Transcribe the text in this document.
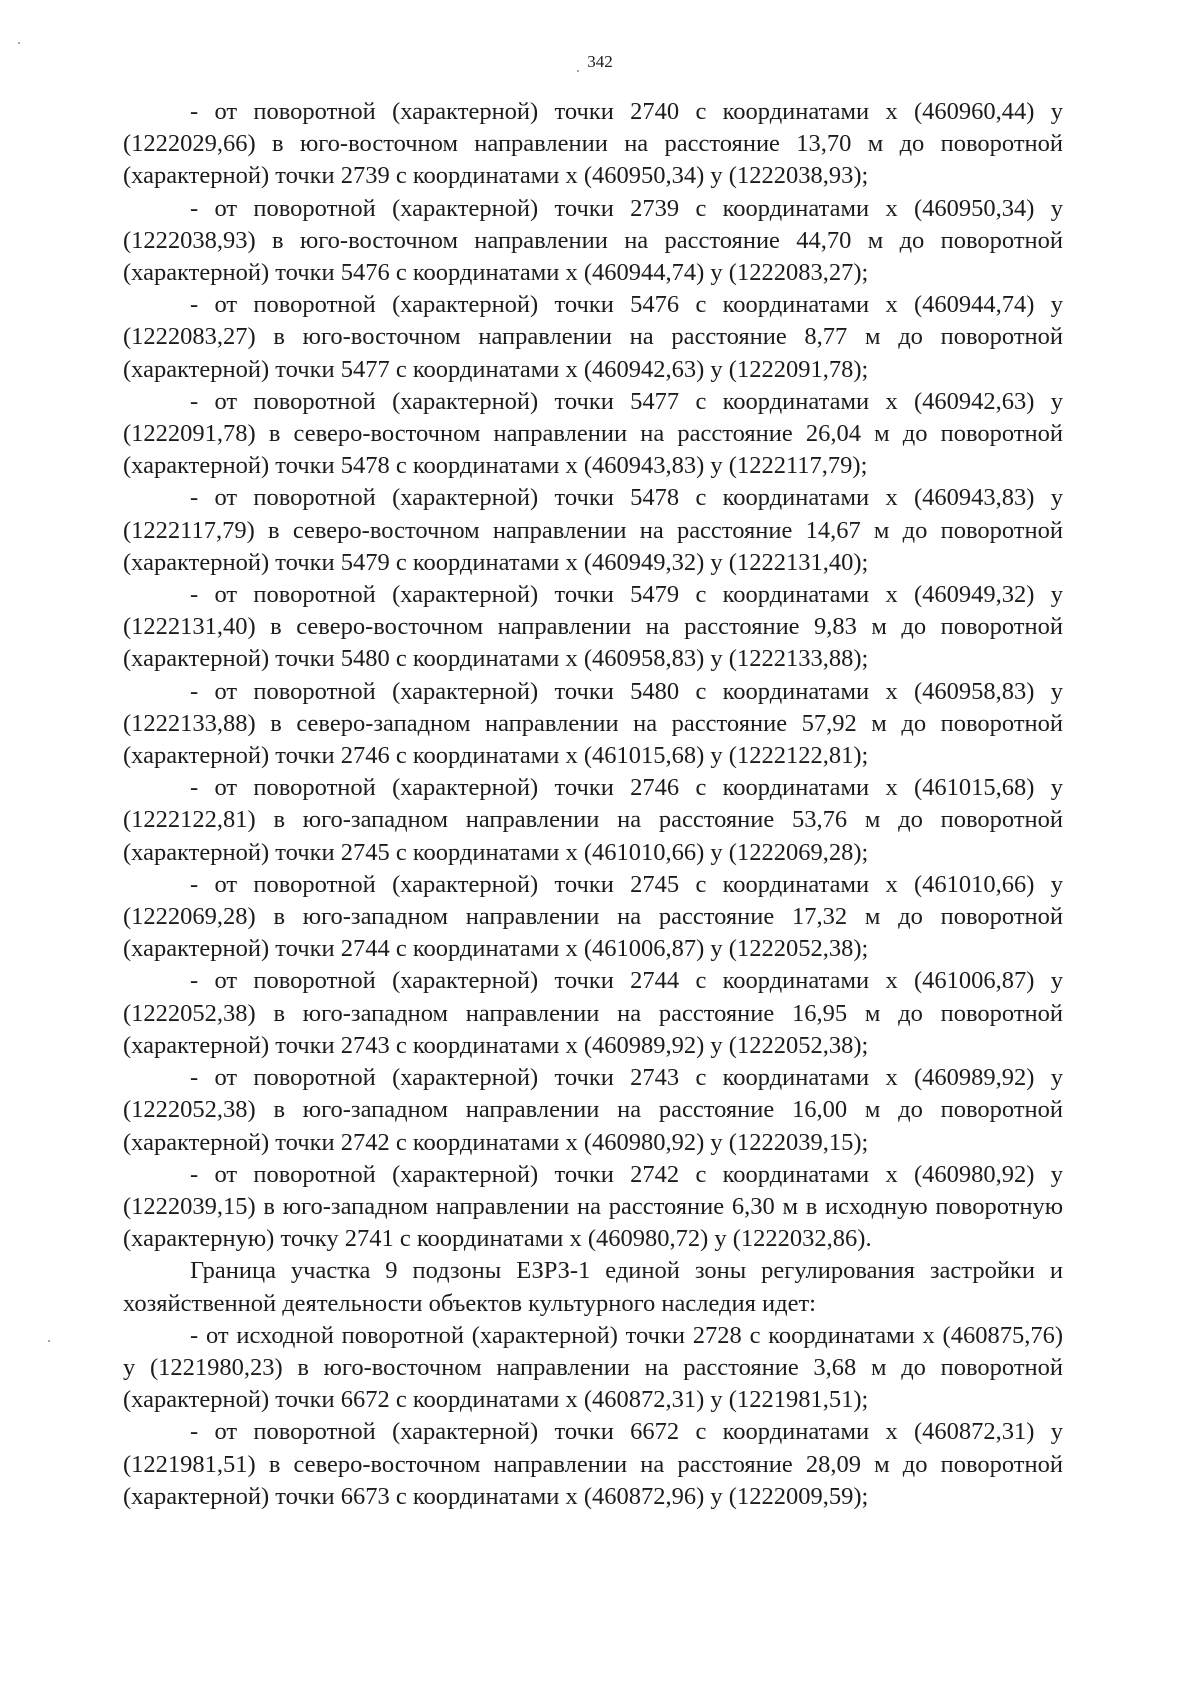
342

- от поворотной (характерной) точки 2740 с координатами х (460960,44) у (1222029,66) в юго-восточном направлении на расстояние 13,70 м до поворотной (характерной) точки 2739 с координатами х (460950,34) у (1222038,93);

- от поворотной (характерной) точки 2739 с координатами х (460950,34) у (1222038,93) в юго-восточном направлении на расстояние 44,70 м до поворотной (характерной) точки 5476 с координатами х (460944,74) у (1222083,27);

- от поворотной (характерной) точки 5476 с координатами х (460944,74) у (1222083,27) в юго-восточном направлении на расстояние 8,77 м до поворотной (характерной) точки 5477 с координатами х (460942,63) у (1222091,78);

- от поворотной (характерной) точки 5477 с координатами х (460942,63) у (1222091,78) в северо-восточном направлении на расстояние 26,04 м до поворотной (характерной) точки 5478 с координатами х (460943,83) у (1222117,79);

- от поворотной (характерной) точки 5478 с координатами х (460943,83) у (1222117,79) в северо-восточном направлении на расстояние 14,67 м до поворотной (характерной) точки 5479 с координатами х (460949,32) у (1222131,40);

- от поворотной (характерной) точки 5479 с координатами х (460949,32) у (1222131,40) в северо-восточном направлении на расстояние 9,83 м до поворотной (характерной) точки 5480 с координатами х (460958,83) у (1222133,88);

- от поворотной (характерной) точки 5480 с координатами х (460958,83) у (1222133,88) в северо-западном направлении на расстояние 57,92 м до поворотной (характерной) точки 2746 с координатами х (461015,68) у (1222122,81);

- от поворотной (характерной) точки 2746 с координатами х (461015,68) у (1222122,81) в юго-западном направлении на расстояние 53,76 м до поворотной (характерной) точки 2745 с координатами х (461010,66) у (1222069,28);

- от поворотной (характерной) точки 2745 с координатами х (461010,66) у (1222069,28) в юго-западном направлении на расстояние 17,32 м до поворотной (характерной) точки 2744 с координатами х (461006,87) у (1222052,38);

- от поворотной (характерной) точки 2744 с координатами х (461006,87) у (1222052,38) в юго-западном направлении на расстояние 16,95 м до поворотной (характерной) точки 2743 с координатами х (460989,92) у (1222052,38);

- от поворотной (характерной) точки 2743 с координатами х (460989,92) у (1222052,38) в юго-западном направлении на расстояние 16,00 м до поворотной (характерной) точки 2742 с координатами х (460980,92) у (1222039,15);

- от поворотной (характерной) точки 2742 с координатами х (460980,92) у (1222039,15) в юго-западном направлении на расстояние 6,30 м в исходную поворотную (характерную) точку 2741 с координатами х (460980,72) у (1222032,86).

Граница участка 9 подзоны ЕЗРЗ-1 единой зоны регулирования застройки и хозяйственной деятельности объектов культурного наследия идет:

- от исходной поворотной (характерной) точки 2728 с координатами х (460875,76) у (1221980,23) в юго-восточном направлении на расстояние 3,68 м до поворотной (характерной) точки 6672 с координатами х (460872,31) у (1221981,51);

- от поворотной (характерной) точки 6672 с координатами х (460872,31) у (1221981,51) в северо-восточном направлении на расстояние 28,09 м до поворотной (характерной) точки 6673 с координатами х (460872,96) у (1222009,59);
